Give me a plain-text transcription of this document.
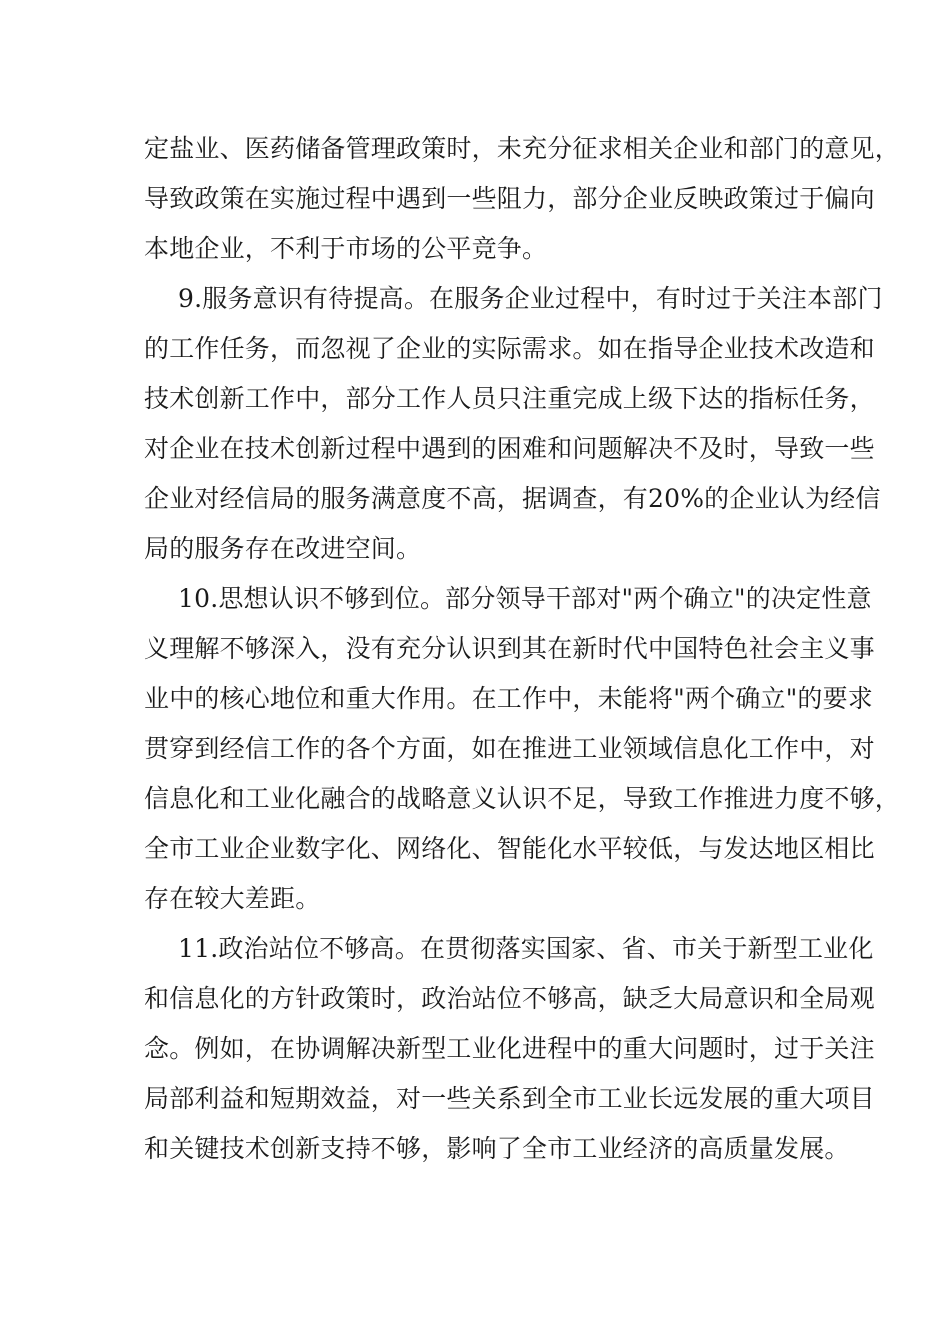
定盐业、医药储备管理政策时，未充分征求相关企业和部门的意见，
导致政策在实施过程中遇到一些阻力，部分企业反映政策过于偏向
本地企业，不利于市场的公平竞争。
9.服务意识有待提高。在服务企业过程中，有时过于关注本部门
的工作任务，而忽视了企业的实际需求。如在指导企业技术改造和
技术创新工作中，部分工作人员只注重完成上级下达的指标任务，
对企业在技术创新过程中遇到的困难和问题解决不及时，导致一些
企业对经信局的服务满意度不高，据调查，有20%的企业认为经信
局的服务存在改进空间。
10.思想认识不够到位。部分领导干部对"两个确立"的决定性意
义理解不够深入，没有充分认识到其在新时代中国特色社会主义事
业中的核心地位和重大作用。在工作中，未能将"两个确立"的要求
贯穿到经信工作的各个方面，如在推进工业领域信息化工作中，对
信息化和工业化融合的战略意义认识不足，导致工作推进力度不够，
全市工业企业数字化、网络化、智能化水平较低，与发达地区相比
存在较大差距。
11.政治站位不够高。在贯彻落实国家、省、市关于新型工业化
和信息化的方针政策时，政治站位不够高，缺乏大局意识和全局观
念。例如，在协调解决新型工业化进程中的重大问题时，过于关注
局部利益和短期效益，对一些关系到全市工业长远发展的重大项目
和关键技术创新支持不够，影响了全市工业经济的高质量发展。
